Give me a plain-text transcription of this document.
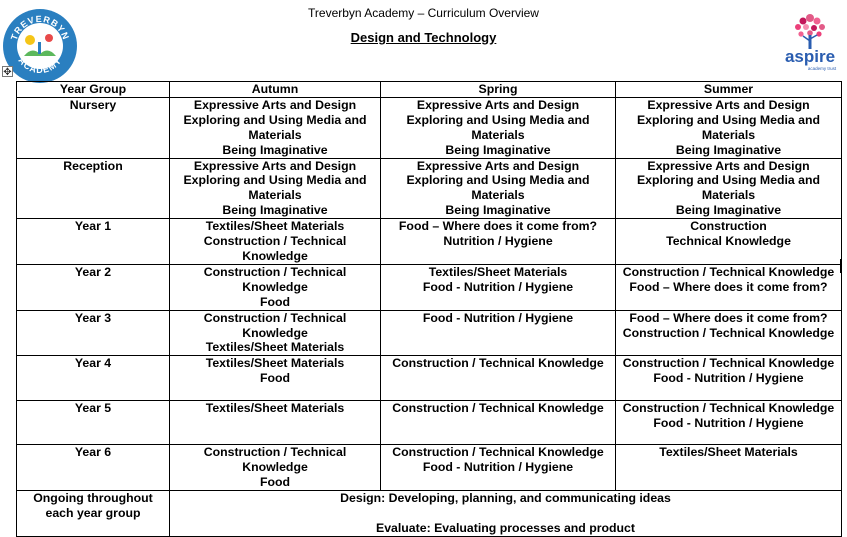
Treverbyn Academy – Curriculum Overview
Design and Technology
TREVERBYN
ACADEMY	aspire
academy trust
✥
Year Group	Autumn	Spring	Summer
Nursery	Expressive Arts and Design
Exploring and Using Media and Materials
Being Imaginative	Expressive Arts and Design
Exploring and Using Media and Materials
Being Imaginative	Expressive Arts and Design
Exploring and Using Media and Materials
Being Imaginative

Reception	Expressive Arts and Design
Exploring and Using Media and Materials
Being Imaginative	Expressive Arts and Design
Exploring and Using Media and Materials
Being Imaginative	Expressive Arts and Design
Exploring and Using Media and Materials
Being Imaginative

Year 1	Textiles/Sheet Materials
Construction / Technical Knowledge	Food – Where does it come from?
Nutrition / Hygiene	Construction
Technical Knowledge

Year 2	Construction / Technical Knowledge
Food	Textiles/Sheet Materials
Food - Nutrition / Hygiene	Construction / Technical Knowledge
Food – Where does it come from?

Year 3	Construction / Technical Knowledge
Textiles/Sheet Materials	Food - Nutrition / Hygiene	Food – Where does it come from?
Construction / Technical Knowledge

Year 4	Textiles/Sheet Materials
Food	Construction / Technical Knowledge	Construction / Technical Knowledge
Food - Nutrition / Hygiene

Year 5	Textiles/Sheet Materials	Construction / Technical Knowledge	Construction / Technical Knowledge
Food - Nutrition / Hygiene

Year 6	Construction / Technical Knowledge
Food	Construction / Technical Knowledge
Food - Nutrition / Hygiene	Textiles/Sheet Materials

Ongoing throughout each year group	Design: Developing, planning, and communicating ideas
Evaluate: Evaluating processes and product		
